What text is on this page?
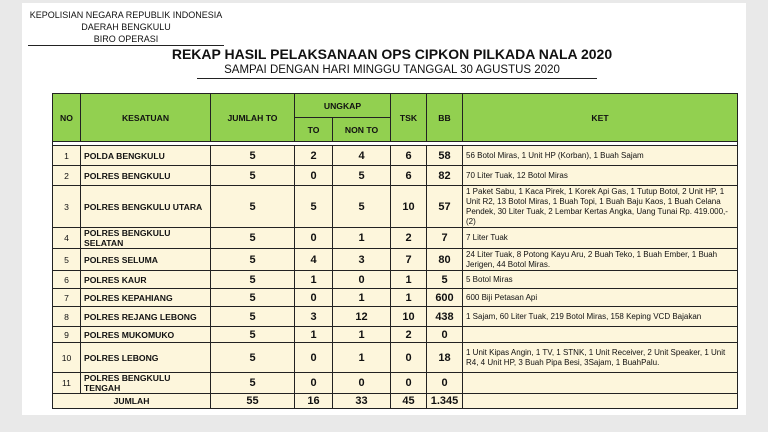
KEPOLISIAN NEGARA REPUBLIK INDONESIA
DAERAH BENGKULU
BIRO OPERASI
REKAP HASIL PELAKSANAAN OPS CIPKON PILKADA NALA 2020
SAMPAI DENGAN HARI MINGGU TANGGAL 30 AGUSTUS 2020
NO	KESATUAN	JUMLAH TO	UNGKAP		TSK	BB	KET
			TO	NON TO			

1	POLDA BENGKULU	5	2	4	6	58	56 Botol Miras, 1 Unit HP (Korban), 1 Buah Sajam
2	POLRES BENGKULU	5	0	5	6	82	70 Liter Tuak, 12 Botol Miras
3	POLRES BENGKULU UTARA	5	5	5	10	57	1 Paket Sabu, 1 Kaca Pirek, 1 Korek Api Gas, 1 Tutup Botol, 2 Unit HP, 1 Unit R2, 13 Botol Miras, 1 Buah Topi, 1 Buah Baju Kaos, 1 Buah Celana Pendek, 30 Liter Tuak, 2 Lembar Kertas Angka, Uang Tunai Rp. 419.000,- (2)
4	POLRES BENGKULU SELATAN	5	0	1	2	7	7 Liter Tuak
5	POLRES SELUMA	5	4	3	7	80	24 Liter Tuak, 8 Potong Kayu Aru, 2 Buah Teko, 1 Buah Ember, 1 Buah Jerigen, 44 Botol Miras.
6	POLRES KAUR	5	1	0	1	5	5 Botol Miras
7	POLRES KEPAHIANG	5	0	1	1	600	600 Biji Petasan Api
8	POLRES REJANG LEBONG	5	3	12	10	438	1 Sajam, 60 Liter Tuak, 219 Botol Miras, 158 Keping VCD Bajakan
9	POLRES MUKOMUKO	5	1	1	2	0	
10	POLRES LEBONG	5	0	1	0	18	1 Unit Kipas Angin, 1 TV, 1 STNK, 1 Unit Receiver, 2 Unit Speaker, 1 Unit R4, 4 Unit HP, 3 Buah Pipa Besi, 3Sajam, 1 BuahPalu.
11	POLRES BENGKULU TENGAH	5	0	0	0	0	
JUMLAH		55	16	33	45	1.345	
